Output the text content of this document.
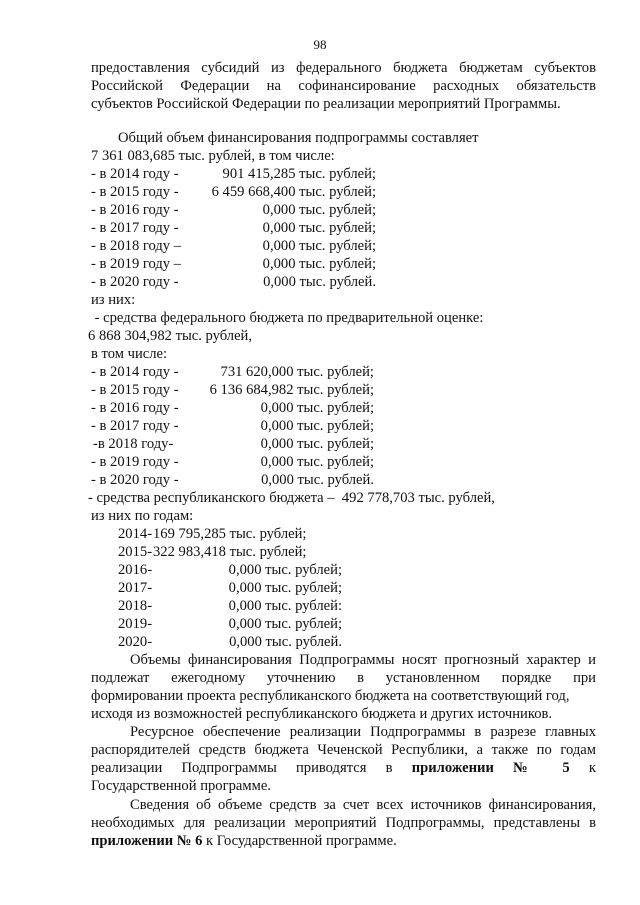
98
предоставления субсидий из федерального бюджета бюджетам субъектов
Российской Федерации на софинансирование расходных обязательств
субъектов Российской Федерации по реализации мероприятий Программы.
Общий объем финансирования подпрограммы составляет
7 361 083,685 тыс. рублей, в том числе:
- в 2014 году -	901 415,285 тыс. рублей;
- в 2015 году -	6 459 668,400 тыс. рублей;
- в 2016 году -	0,000 тыс. рублей;
- в 2017 году -	0,000 тыс. рублей;
- в 2018 году –	0,000 тыс. рублей;
- в 2019 году –	0,000 тыс. рублей;
- в 2020 году -	0,000 тыс. рублей.
из них:
- средства федерального бюджета по предварительной оценке:
6 868 304,982 тыс. рублей,
в том числе:
- в 2014 году -	731 620,000 тыс. рублей;
- в 2015 году -	6 136 684,982 тыс. рублей;
- в 2016 году -	0,000 тыс. рублей;
- в 2017 году -	0,000 тыс. рублей;
-в 2018 году-	0,000 тыс. рублей;
- в 2019 году -	0,000 тыс. рублей;
- в 2020 году -	0,000 тыс. рублей.
- средства республиканского бюджета –  492 778,703 тыс. рублей,
из них по годам:
2014- 169 795,285 тыс. рублей;
2015- 322 983,418 тыс. рублей;
2016-	0,000 тыс. рублей;
2017-	0,000 тыс. рублей;
2018-	0,000 тыс. рублей:
2019-	0,000 тыс. рублей;
2020-	0,000 тыс. рублей.
Объемы финансирования Подпрограммы носят прогнозный характер и
подлежат ежегодному уточнению в установленном порядке при
формировании проекта республиканского бюджета на соответствующий год,
исходя из возможностей республиканского бюджета и других источников.
Ресурсное обеспечение реализации Подпрограммы в разрезе главных
распорядителей средств бюджета Чеченской Республики, а также по годам
реализации Подпрограммы приводятся в приложении № 5 к
Государственной программе.
Сведения об объеме средств за счет всех источников финансирования,
необходимых для реализации мероприятий Подпрограммы, представлены в
приложении № 6 к Государственной программе.
